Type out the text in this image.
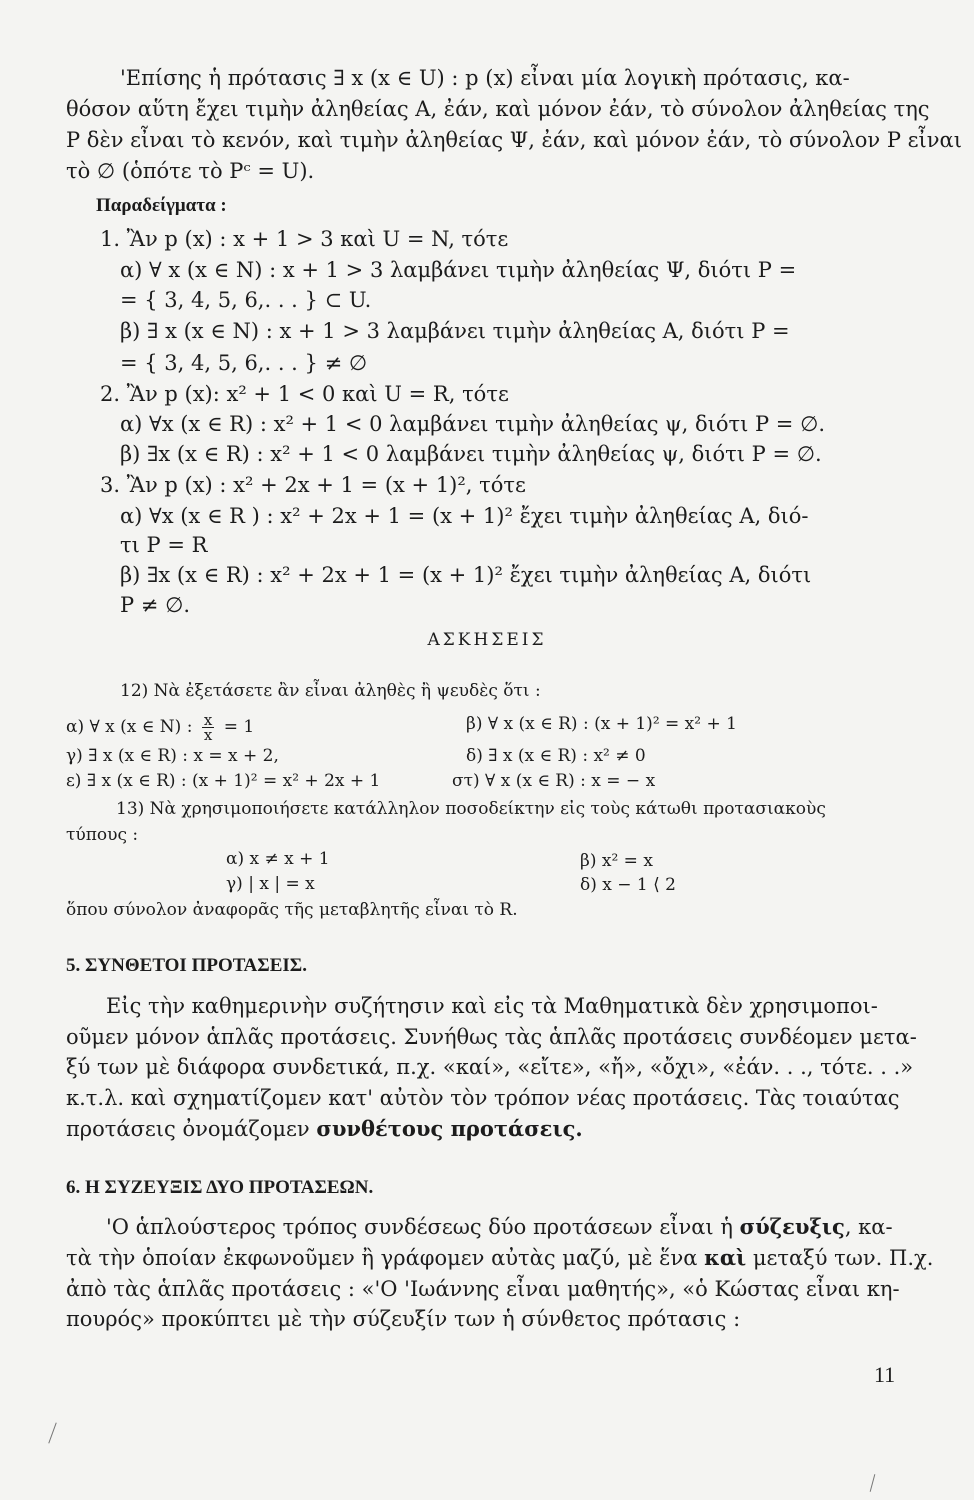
'Επίσης ἡ πρότασις ∃ x (x ∈ U) : p (x) εἶναι μία λογικὴ πρότασις, κα-
θόσον αὕτη ἔχει τιμὴν ἀληθείας Α, ἐάν, καὶ μόνον ἐάν, τὸ σύνολον ἀληθείας της
P δὲν εἶναι τὸ κενόν, καὶ τιμὴν ἀληθείας Ψ, ἐάν, καὶ μόνον ἐάν, τὸ σύνολον P εἶναι
τὸ ∅ (ὁπότε τὸ Pᶜ = U).
Παραδείγματα :
1. Ἂν p (x) : x + 1 > 3 καὶ U = N, τότε
α) ∀ x (x ∈ N) : x + 1 > 3 λαμβάνει τιμὴν ἀληθείας Ψ, διότι P =
= { 3, 4, 5, 6,. . . } ⊂ U.
β) ∃ x (x ∈ N) : x + 1 > 3 λαμβάνει τιμὴν ἀληθείας Α, διότι P =
= { 3, 4, 5, 6,. . . } ≠ ∅
2. Ἂν p (x): x² + 1 < 0 καὶ U = R, τότε
α) ∀x (x ∈ R) : x² + 1 < 0 λαμβάνει τιμὴν ἀληθείας ψ, διότι P = ∅.
β) ∃x (x ∈ R) : x² + 1 < 0 λαμβάνει τιμὴν ἀληθείας ψ, διότι P = ∅.
3. Ἂν p (x) : x² + 2x + 1 = (x + 1)², τότε
α) ∀x (x ∈ R ) : x² + 2x + 1 = (x + 1)² ἔχει τιμὴν ἀληθείας Α, διό-
τι P = R
β) ∃x (x ∈ R) : x² + 2x + 1 = (x + 1)² ἔχει τιμὴν ἀληθείας Α, διότι
P ≠ ∅.
ΑΣΚΗΣΕΙΣ
12) Νὰ ἐξετάσετε ἂν εἶναι ἀληθὲς ἢ ψευδὲς ὅτι :
α) ∀ x (x ∈ N) : $\frac{x}{x} = 1$	β) ∀ x (x ∈ R) : (x + 1)² = x² + 1
γ) ∃ x (x ∈ R) : x = x + 2,	δ) ∃ x (x ∈ R) : x² ≠ 0
ε) ∃ x (x ∈ R) : (x + 1)² = x² + 2x + 1	στ) ∀ x (x ∈ R) : x = − x
13) Νὰ χρησιμοποιήσετε κατάλληλον ποσοδείκτην εἰς τοὺς κάτωθι προτασιακοὺς
τύπους :
α) x ≠ x + 1	β) x² = x
γ) | x | = x	δ) x − 1 ⟨ 2
ὅπου σύνολον ἀναφορᾶς τῆς μεταβλητῆς εἶναι τὸ R.
5. ΣΥΝΘΕΤΟΙ ΠΡΟΤΑΣΕΙΣ.
Εἰς τὴν καθημερινὴν συζήτησιν καὶ εἰς τὰ Μαθηματικὰ δὲν χρησιμοποι-
οῦμεν μόνον ἁπλᾶς προτάσεις. Συνήθως τὰς ἁπλᾶς προτάσεις συνδέομεν μετα-
ξύ των μὲ διάφορα συνδετικά, π.χ. «καί», «εἴτε», «ἤ», «ὄχι», «ἐάν. . ., τότε. . .»
κ.τ.λ. καὶ σχηματίζομεν κατ' αὐτὸν τὸν τρόπον νέας προτάσεις. Τὰς τοιαύτας
προτάσεις ὀνομάζομεν συνθέτους προτάσεις.
6. Η ΣΥΖΕΥΞΙΣ ΔΥΟ ΠΡΟΤΑΣΕΩΝ.
'Ο ἁπλούστερος τρόπος συνδέσεως δύο προτάσεων εἶναι ἡ σύζευξις, κα-
τὰ τὴν ὁποίαν ἐκφωνοῦμεν ἢ γράφομεν αὐτὰς μαζύ, μὲ ἕνα καὶ μεταξύ των. Π.χ.
ἀπὸ τὰς ἁπλᾶς προτάσεις : «'Ο 'Ιωάννης εἶναι μαθητής», «ὁ Κώστας εἶναι κη-
πουρός» προκύπτει μὲ τὴν σύζευξίν των ἡ σύνθετος πρότασις :
11
